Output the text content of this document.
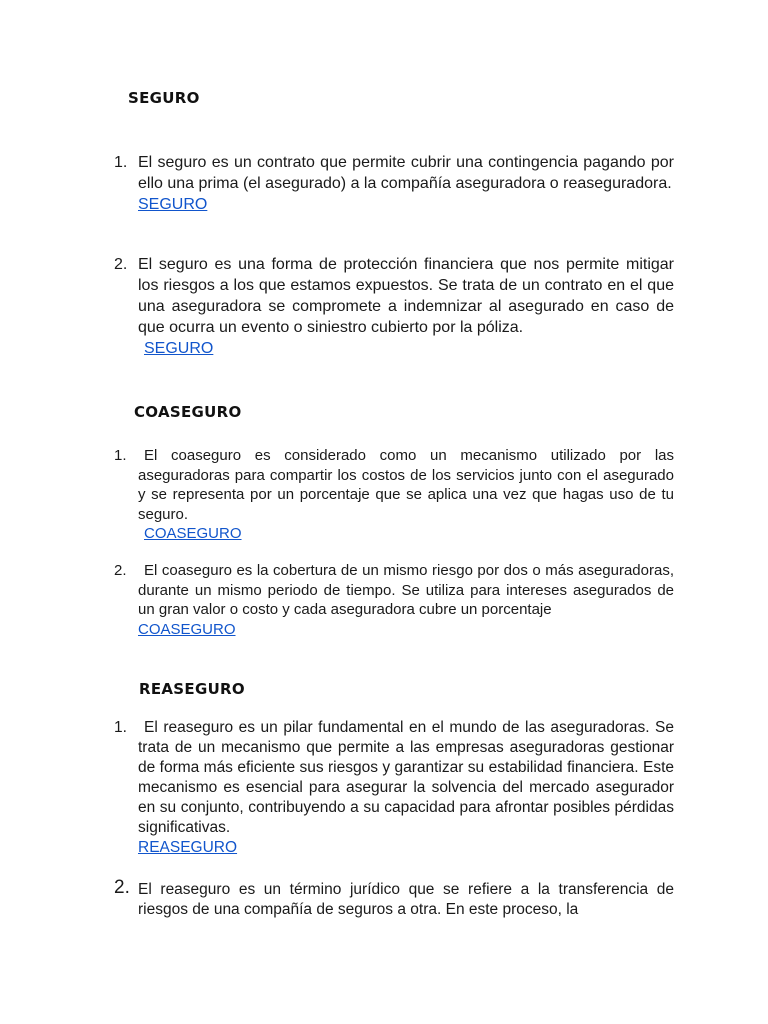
SEGURO
1. El seguro es un contrato que permite cubrir una contingencia pagando por ello una prima (el asegurado) a la compañía aseguradora o reaseguradora.
SEGURO
2. El seguro es una forma de protección financiera que nos permite mitigar los riesgos a los que estamos expuestos. Se trata de un contrato en el que una aseguradora se compromete a indemnizar al asegurado en caso de que ocurra un evento o siniestro cubierto por la póliza.
SEGURO
COASEGURO
1.	El coaseguro es considerado como un mecanismo utilizado por las aseguradoras para compartir los costos de los servicios junto con el asegurado y se representa por un porcentaje que se aplica una vez que hagas uso de tu seguro.
COASEGURO
2.	El coaseguro es la cobertura de un mismo riesgo por dos o más aseguradoras, durante un mismo periodo de tiempo. Se utiliza para intereses asegurados de un gran valor o costo y cada aseguradora cubre un porcentaje
COASEGURO
REASEGURO
1.	El reaseguro es un pilar fundamental en el mundo de las aseguradoras. Se trata de un mecanismo que permite a las empresas aseguradoras gestionar de forma más eficiente sus riesgos y garantizar su estabilidad financiera. Este mecanismo es esencial para asegurar la solvencia del mercado asegurador en su conjunto, contribuyendo a su capacidad para afrontar posibles pérdidas significativas.
REASEGURO
2. El reaseguro es un término jurídico que se refiere a la transferencia de riesgos de una compañía de seguros a otra. En este proceso, la
